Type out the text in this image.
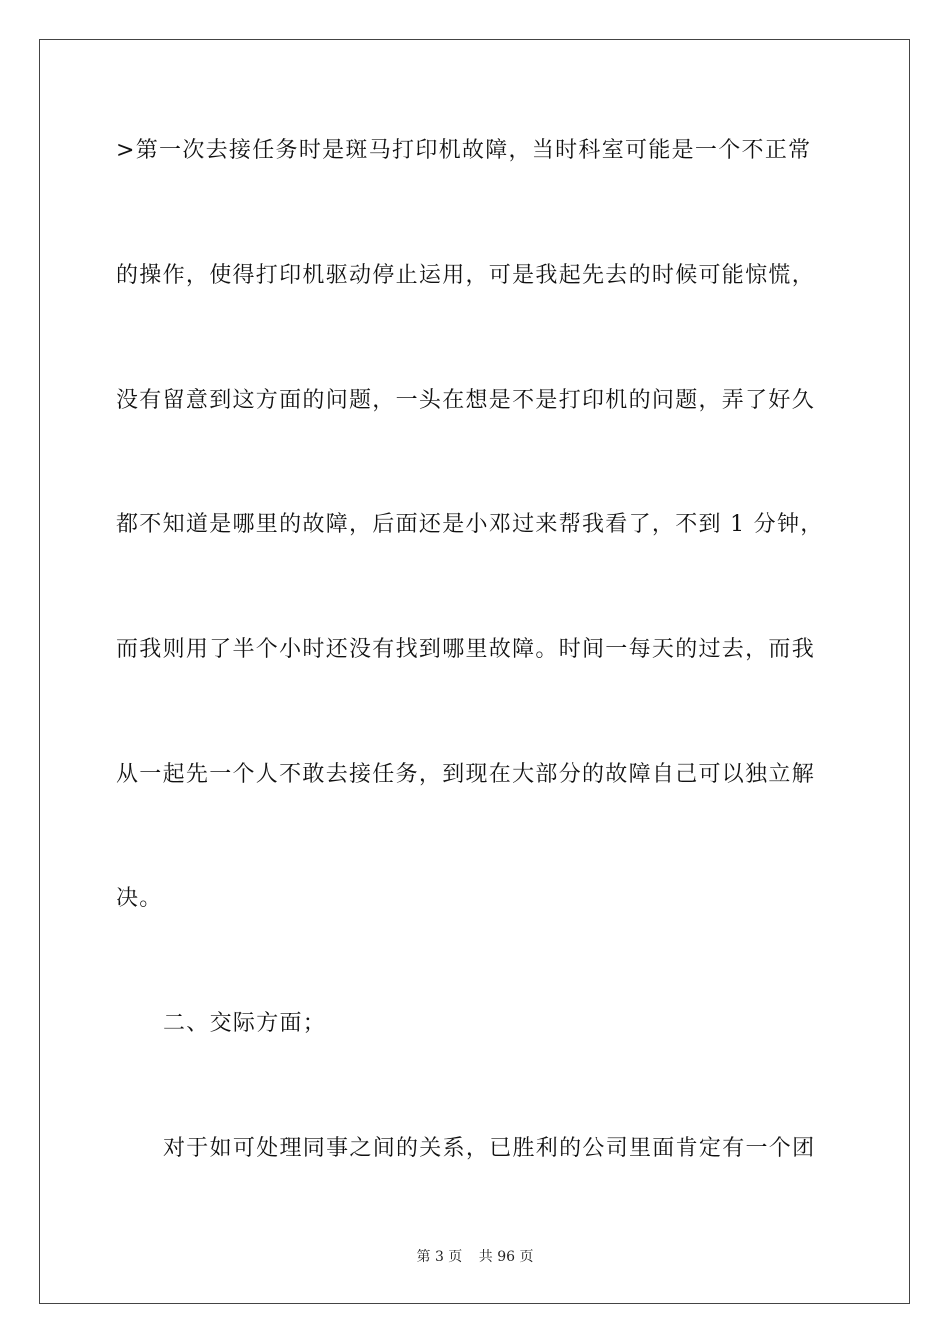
>第一次去接任务时是斑马打印机故障，当时科室可能是一个不正常
的操作，使得打印机驱动停止运用，可是我起先去的时候可能惊慌，
没有留意到这方面的问题，一头在想是不是打印机的问题，弄了好久
都不知道是哪里的故障，后面还是小邓过来帮我看了，不到 1 分钟，
而我则用了半个小时还没有找到哪里故障。时间一每天的过去，而我
从一起先一个人不敢去接任务，到现在大部分的故障自己可以独立解
决。
二、交际方面；
对于如可处理同事之间的关系，已胜利的公司里面肯定有一个团
第 3 页 共 96 页
